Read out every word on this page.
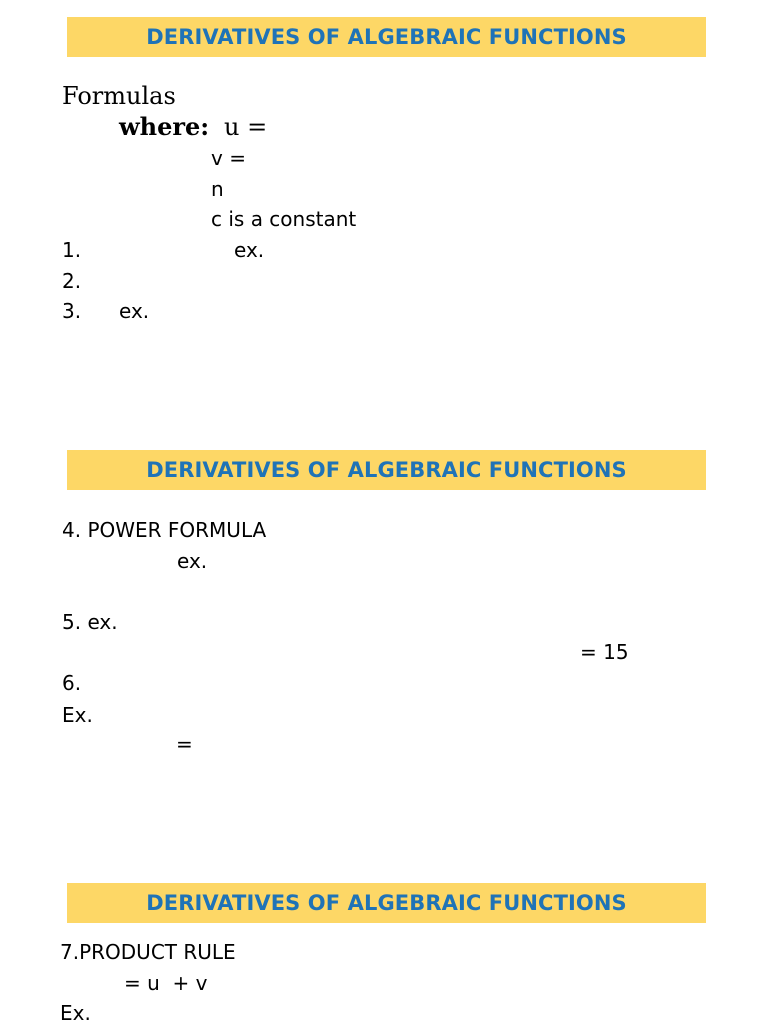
DERIVATIVES OF ALGEBRAIC FUNCTIONS
Formulas
where: u =
v =
n
c is a constant
1.	ex.
2.
3. ex.
DERIVATIVES OF ALGEBRAIC FUNCTIONS
4. POWER FORMULA
ex.
5. ex.
= 15
6.
Ex.
=
DERIVATIVES OF ALGEBRAIC FUNCTIONS
7.PRODUCT RULE
= u  + v
Ex.
